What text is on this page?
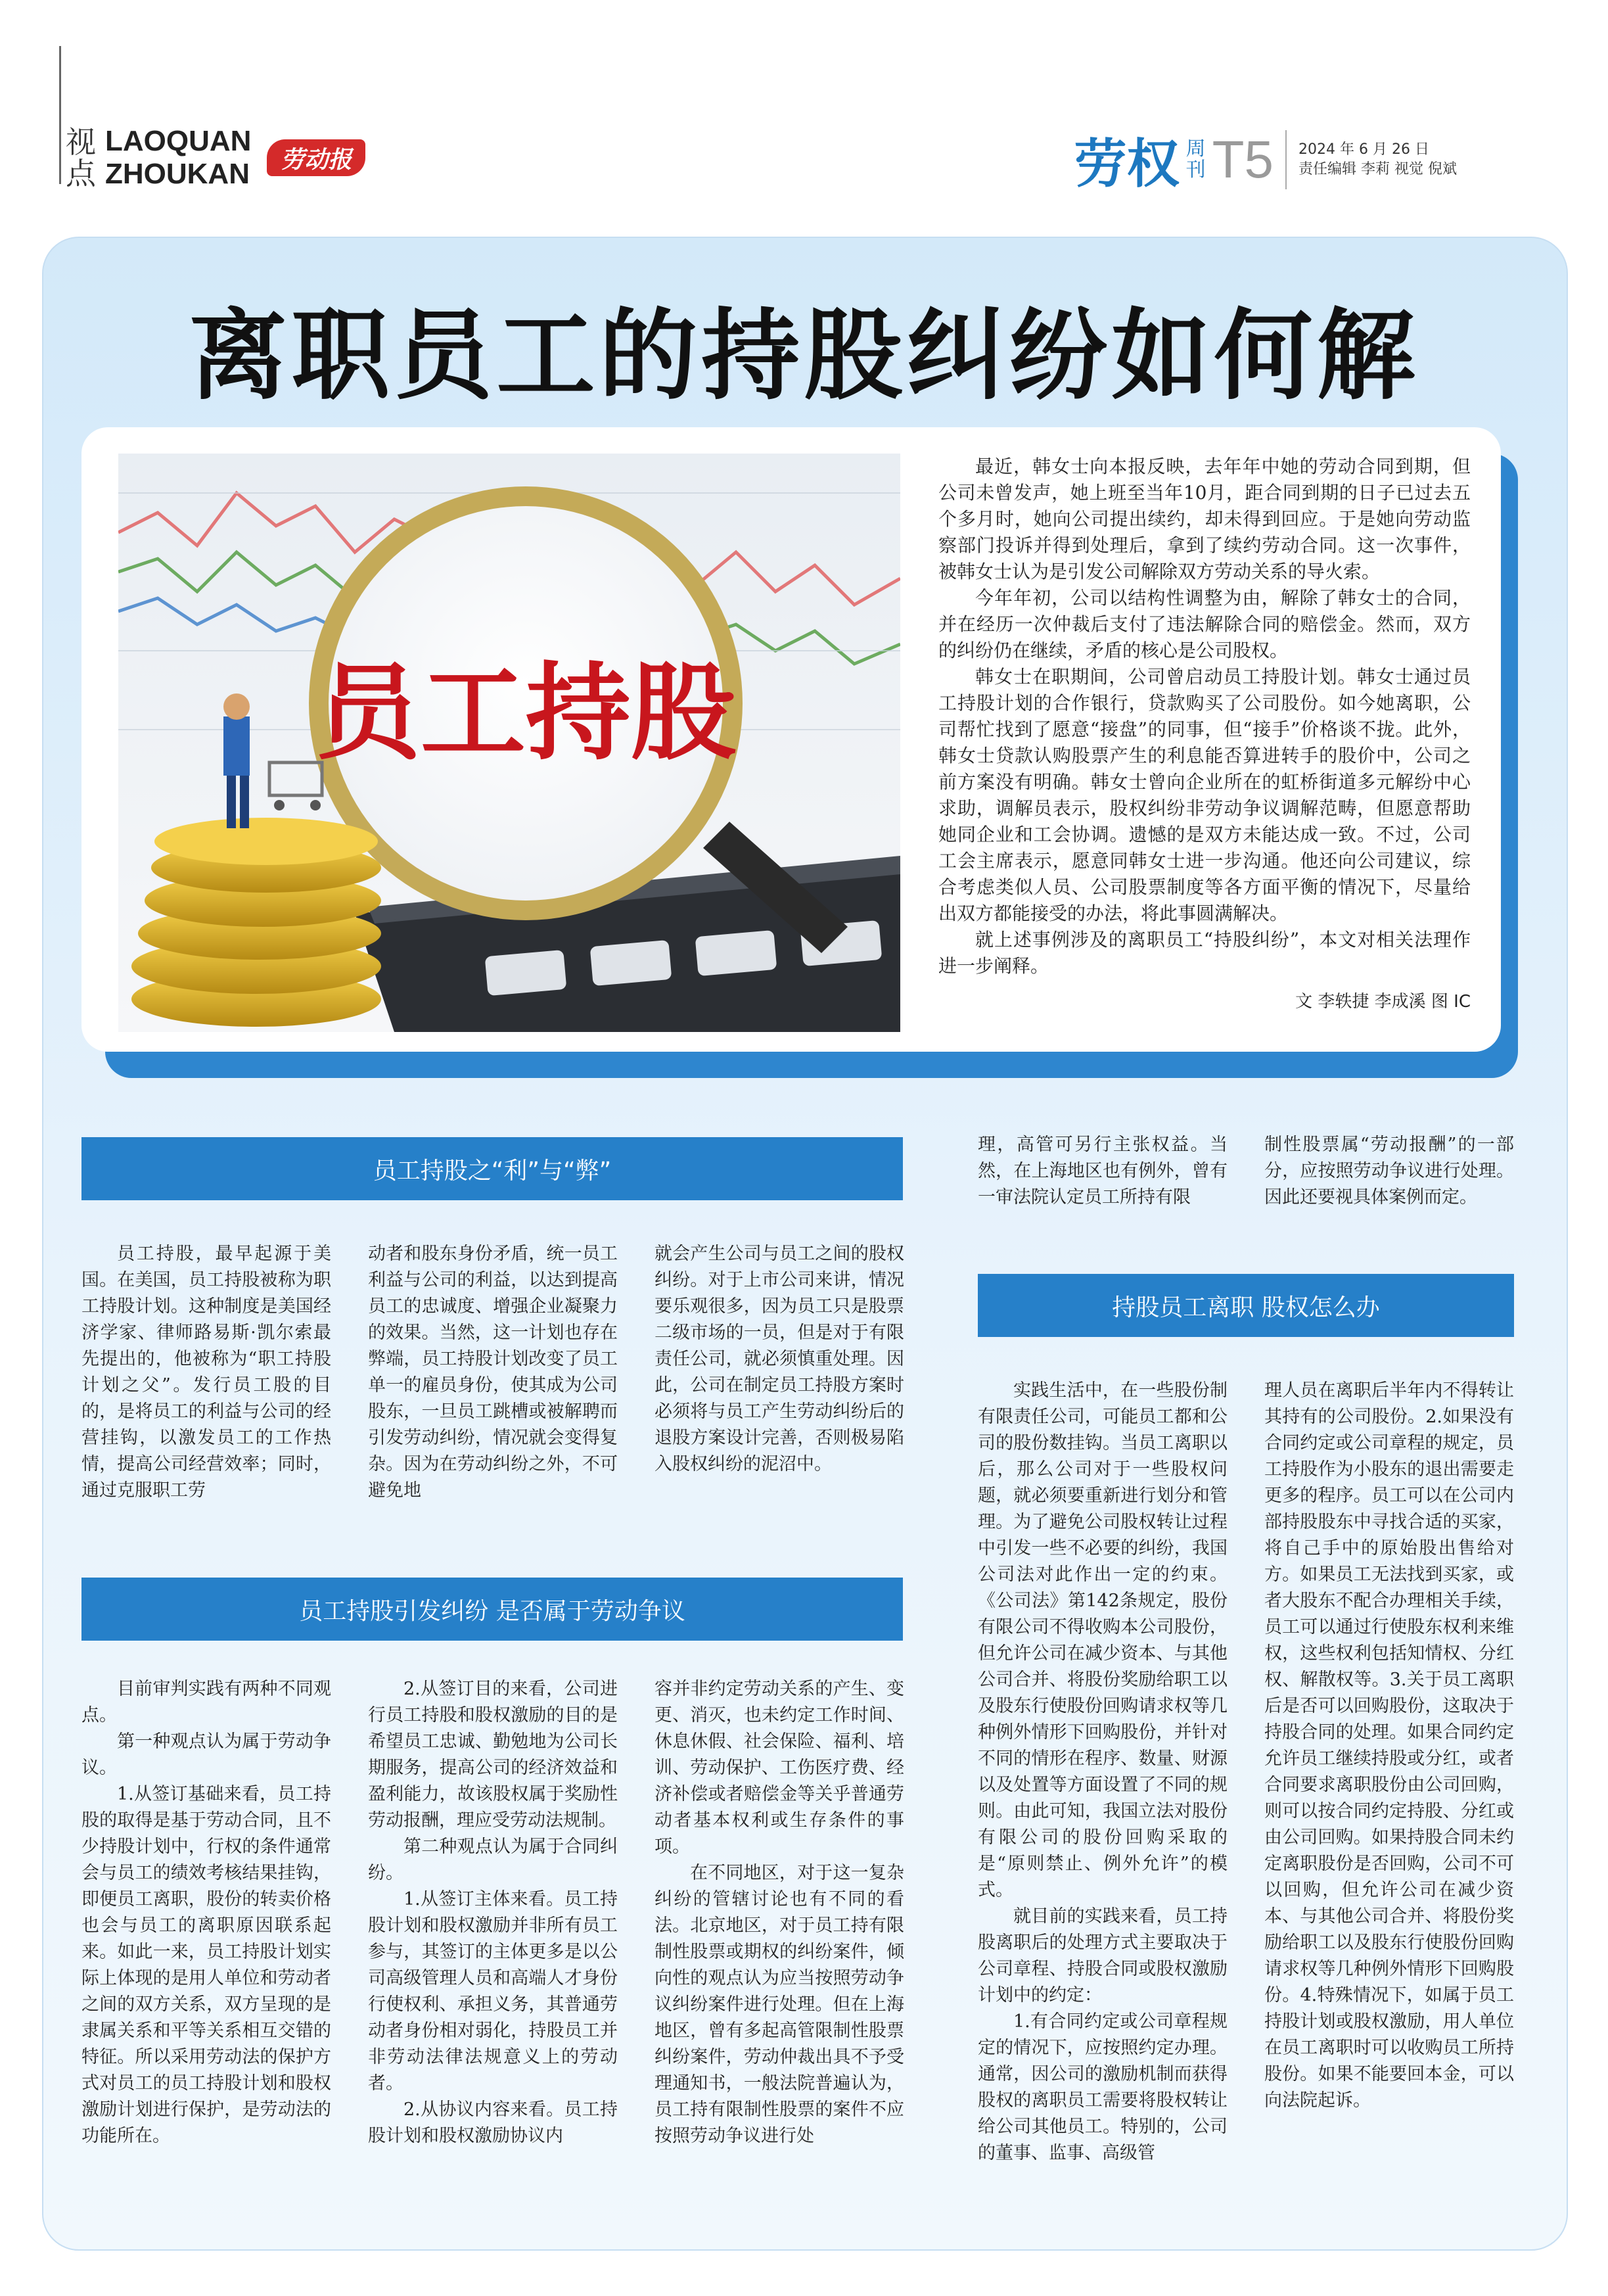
视
点
LAOQUAN
ZHOUKAN	劳动报	劳权 周
刊 T5 2024 年 6 月 26 日
责任编辑 李莉 视觉 倪斌
离职员工的持股纠纷如何解
员工持股

最近，韩女士向本报反映，去年年中她的劳动合同到期，但公司未曾发声，她上班至当年10月，距合同到期的日子已过去五个多月时，她向公司提出续约，却未得到回应。于是她向劳动监察部门投诉并得到处理后，拿到了续约劳动合同。这一次事件，被韩女士认为是引发公司解除双方劳动关系的导火索。

今年年初，公司以结构性调整为由，解除了韩女士的合同，并在经历一次仲裁后支付了违法解除合同的赔偿金。然而，双方的纠纷仍在继续，矛盾的核心是公司股权。

韩女士在职期间，公司曾启动员工持股计划。韩女士通过员工持股计划的合作银行，贷款购买了公司股份。如今她离职，公司帮忙找到了愿意“接盘”的同事，但“接手”价格谈不拢。此外，韩女士贷款认购股票产生的利息能否算进转手的股价中，公司之前方案没有明确。韩女士曾向企业所在的虹桥街道多元解纷中心求助，调解员表示，股权纠纷非劳动争议调解范畴，但愿意帮助她同企业和工会协调。遗憾的是双方未能达成一致。不过，公司工会主席表示，愿意同韩女士进一步沟通。他还向公司建议，综合考虑类似人员、公司股票制度等各方面平衡的情况下，尽量给出双方都能接受的办法，将此事圆满解决。

就上述事例涉及的离职员工“持股纠纷”，本文对相关法理作进一步阐释。

文 李轶捷 李成溪 图 IC

员工持股之“利”与“弊”

员工持股，最早起源于美国。在美国，员工持股被称为职工持股计划。这种制度是美国经济学家、律师路易斯·凯尔索最先提出的，他被称为“职工持股计划之父”。发行员工股的目的，是将员工的利益与公司的经营挂钩，以激发员工的工作热情，提高公司经营效率；同时，通过克服职工劳

动者和股东身份矛盾，统一员工利益与公司的利益，以达到提高员工的忠诚度、增强企业凝聚力的效果。当然，这一计划也存在弊端，员工持股计划改变了员工单一的雇员身份，使其成为公司股东，一旦员工跳槽或被解聘而引发劳动纠纷，情况就会变得复杂。因为在劳动纠纷之外，不可避免地

就会产生公司与员工之间的股权纠纷。对于上市公司来讲，情况要乐观很多，因为员工只是股票二级市场的一员，但是对于有限责任公司，就必须慎重处理。因此，公司在制定员工持股方案时必须将与员工产生劳动纠纷后的退股方案设计完善，否则极易陷入股权纠纷的泥沼中。

员工持股引发纠纷 是否属于劳动争议

目前审判实践有两种不同观点。

第一种观点认为属于劳动争议。

1.从签订基础来看，员工持股的取得是基于劳动合同，且不少持股计划中，行权的条件通常会与员工的绩效考核结果挂钩，即便员工离职，股份的转卖价格也会与员工的离职原因联系起来。如此一来，员工持股计划实际上体现的是用人单位和劳动者之间的双方关系，双方呈现的是隶属关系和平等关系相互交错的特征。所以采用劳动法的保护方式对员工的员工持股计划和股权激励计划进行保护，是劳动法的功能所在。

2.从签订目的来看，公司进行员工持股和股权激励的目的是希望员工忠诚、勤勉地为公司长期服务，提高公司的经济效益和盈利能力，故该股权属于奖励性劳动报酬，理应受劳动法规制。

第二种观点认为属于合同纠纷。

1.从签订主体来看。员工持股计划和股权激励并非所有员工参与，其签订的主体更多是以公司高级管理人员和高端人才身份行使权利、承担义务，其普通劳动者身份相对弱化，持股员工并非劳动法律法规意义上的劳动者。

2.从协议内容来看。员工持股计划和股权激励协议内

容并非约定劳动关系的产生、变更、消灭，也未约定工作时间、休息休假、社会保险、福利、培训、劳动保护、工伤医疗费、经济补偿或者赔偿金等关乎普通劳动者基本权利或生存条件的事项。

在不同地区，对于这一复杂纠纷的管辖讨论也有不同的看法。北京地区，对于员工持有限制性股票或期权的纠纷案件，倾向性的观点认为应当按照劳动争议纠纷案件进行处理。但在上海地区，曾有多起高管限制性股票纠纷案件，劳动仲裁出具不予受理通知书，一般法院普遍认为，员工持有限制性股票的案件不应按照劳动争议进行处

理，高管可另行主张权益。当然，在上海地区也有例外，曾有一审法院认定员工所持有限

制性股票属“劳动报酬”的一部分，应按照劳动争议进行处理。因此还要视具体案例而定。

持股员工离职 股权怎么办

实践生活中，在一些股份制有限责任公司，可能员工都和公司的股份数挂钩。当员工离职以后，那么公司对于一些股权问题，就必须要重新进行划分和管理。为了避免公司股权转让过程中引发一些不必要的纠纷，我国公司法对此作出一定的约束。《公司法》第142条规定，股份有限公司不得收购本公司股份，但允许公司在减少资本、与其他公司合并、将股份奖励给职工以及股东行使股份回购请求权等几种例外情形下回购股份，并针对不同的情形在程序、数量、财源以及处置等方面设置了不同的规则。由此可知，我国立法对股份有限公司的股份回购采取的是“原则禁止、例外允许”的模式。

就目前的实践来看，员工持股离职后的处理方式主要取决于公司章程、持股合同或股权激励计划中的约定：

1.有合同约定或公司章程规定的情况下，应按照约定办理。通常，因公司的激励机制而获得股权的离职员工需要将股权转让给公司其他员工。特别的，公司的董事、监事、高级管

理人员在离职后半年内不得转让其持有的公司股份。2.如果没有合同约定或公司章程的规定，员工持股作为小股东的退出需要走更多的程序。员工可以在公司内部持股股东中寻找合适的买家，将自己手中的原始股出售给对方。如果员工无法找到买家，或者大股东不配合办理相关手续，员工可以通过行使股东权利来维权，这些权利包括知情权、分红权、解散权等。3.关于员工离职后是否可以回购股份，这取决于持股合同的处理。如果合同约定允许员工继续持股或分红，或者合同要求离职股份由公司回购，则可以按合同约定持股、分红或由公司回购。如果持股合同未约定离职股份是否回购，公司不可以回购，但允许公司在减少资本、与其他公司合并、将股份奖励给职工以及股东行使股份回购请求权等几种例外情形下回购股份。4.特殊情况下，如属于员工持股计划或股权激励，用人单位在员工离职时可以收购员工所持股份。如果不能要回本金，可以向法院起诉。
